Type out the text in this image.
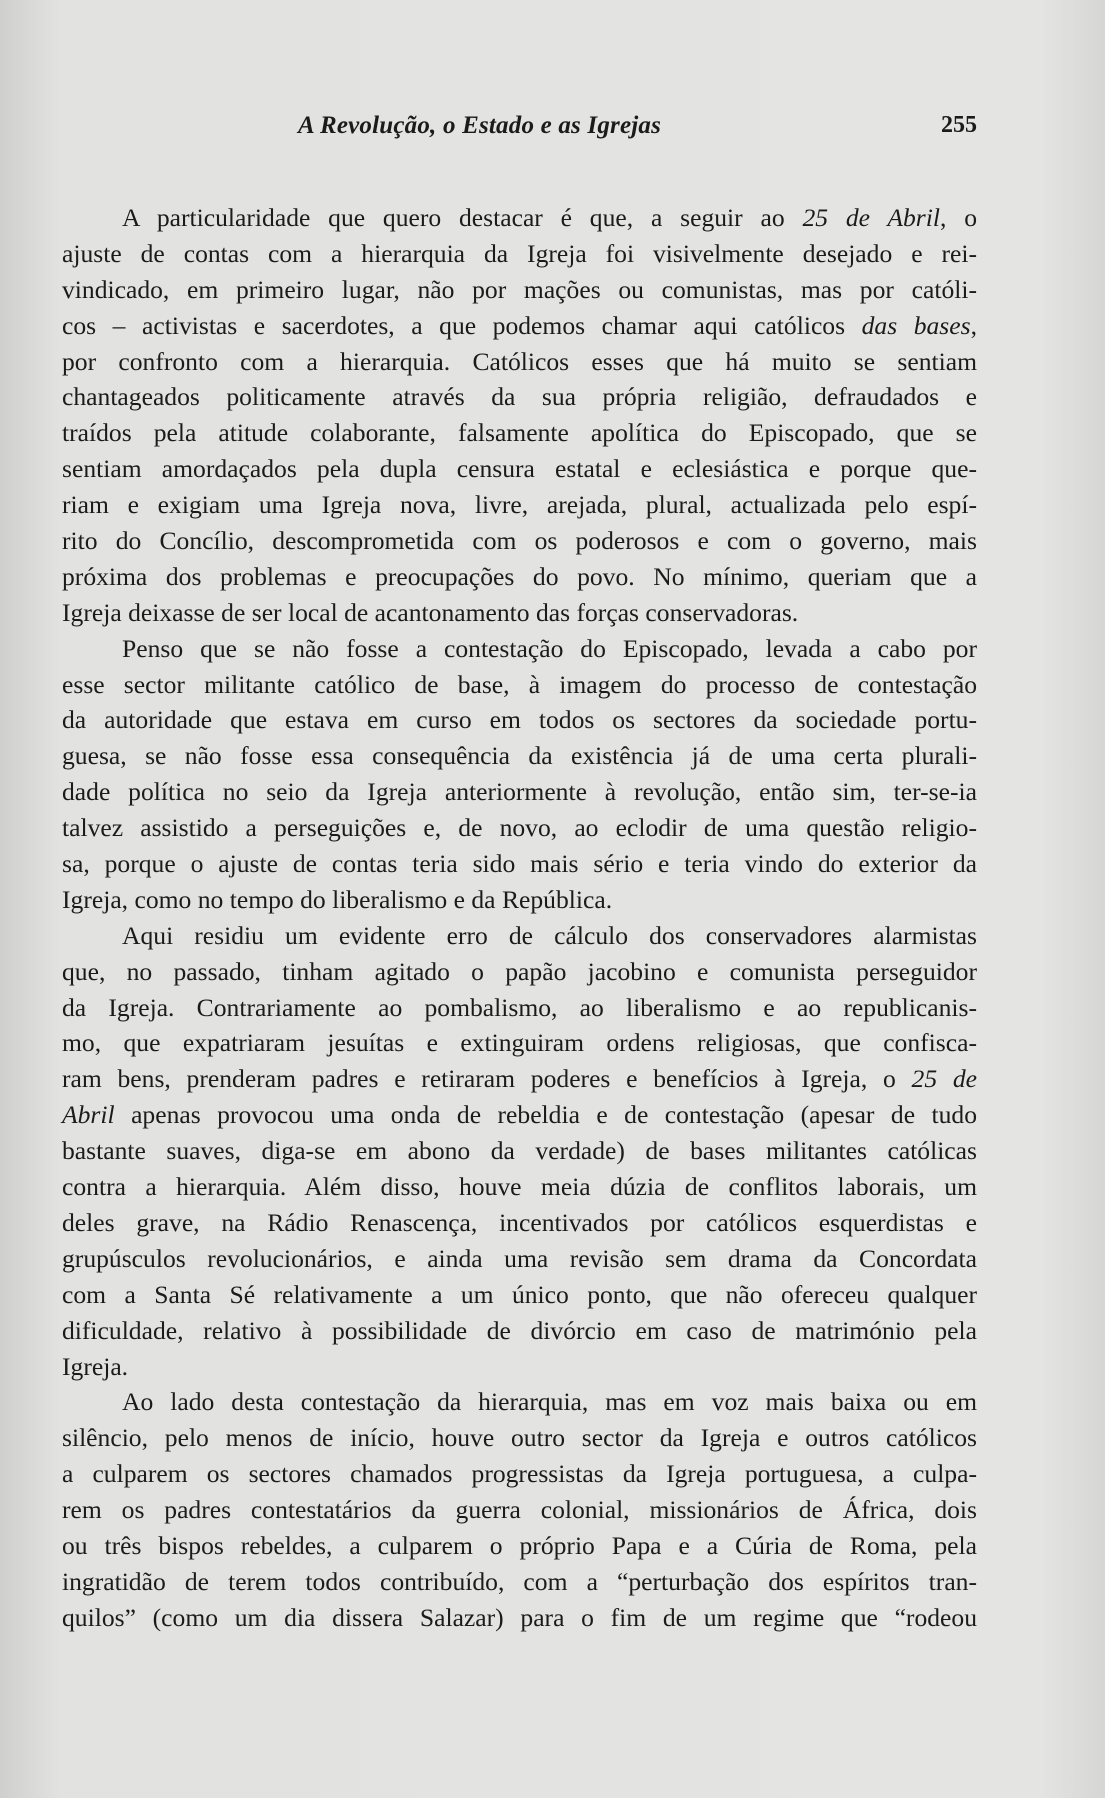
A Revolução, o Estado e as Igrejas	255
A particularidade que quero destacar é que, a seguir ao 25 de Abril, o
ajuste de contas com a hierarquia da Igreja foi visivelmente desejado e rei-
vindicado, em primeiro lugar, não por mações ou comunistas, mas por católi-
cos – activistas e sacerdotes, a que podemos chamar aqui católicos das bases,
por confronto com a hierarquia. Católicos esses que há muito se sentiam
chantageados politicamente através da sua própria religião, defraudados e
traídos pela atitude colaborante, falsamente apolítica do Episcopado, que se
sentiam amordaçados pela dupla censura estatal e eclesiástica e porque que-
riam e exigiam uma Igreja nova, livre, arejada, plural, actualizada pelo espí-
rito do Concílio, descomprometida com os poderosos e com o governo, mais
próxima dos problemas e preocupações do povo. No mínimo, queriam que a
Igreja deixasse de ser local de acantonamento das forças conservadoras.
Penso que se não fosse a contestação do Episcopado, levada a cabo por
esse sector militante católico de base, à imagem do processo de contestação
da autoridade que estava em curso em todos os sectores da sociedade portu-
guesa, se não fosse essa consequência da existência já de uma certa plurali-
dade política no seio da Igreja anteriormente à revolução, então sim, ter-se-ia
talvez assistido a perseguições e, de novo, ao eclodir de uma questão religio-
sa, porque o ajuste de contas teria sido mais sério e teria vindo do exterior da
Igreja, como no tempo do liberalismo e da República.
Aqui residiu um evidente erro de cálculo dos conservadores alarmistas
que, no passado, tinham agitado o papão jacobino e comunista perseguidor
da Igreja. Contrariamente ao pombalismo, ao liberalismo e ao republicanis-
mo, que expatriaram jesuítas e extinguiram ordens religiosas, que confisca-
ram bens, prenderam padres e retiraram poderes e benefícios à Igreja, o 25 de
Abril apenas provocou uma onda de rebeldia e de contestação (apesar de tudo
bastante suaves, diga-se em abono da verdade) de bases militantes católicas
contra a hierarquia. Além disso, houve meia dúzia de conflitos laborais, um
deles grave, na Rádio Renascença, incentivados por católicos esquerdistas e
grupúsculos revolucionários, e ainda uma revisão sem drama da Concordata
com a Santa Sé relativamente a um único ponto, que não ofereceu qualquer
dificuldade, relativo à possibilidade de divórcio em caso de matrimónio pela
Igreja.
Ao lado desta contestação da hierarquia, mas em voz mais baixa ou em
silêncio, pelo menos de início, houve outro sector da Igreja e outros católicos
a culparem os sectores chamados progressistas da Igreja portuguesa, a culpa-
rem os padres contestatários da guerra colonial, missionários de África, dois
ou três bispos rebeldes, a culparem o próprio Papa e a Cúria de Roma, pela
ingratidão de terem todos contribuído, com a “perturbação dos espíritos tran-
quilos” (como um dia dissera Salazar) para o fim de um regime que “rodeou
